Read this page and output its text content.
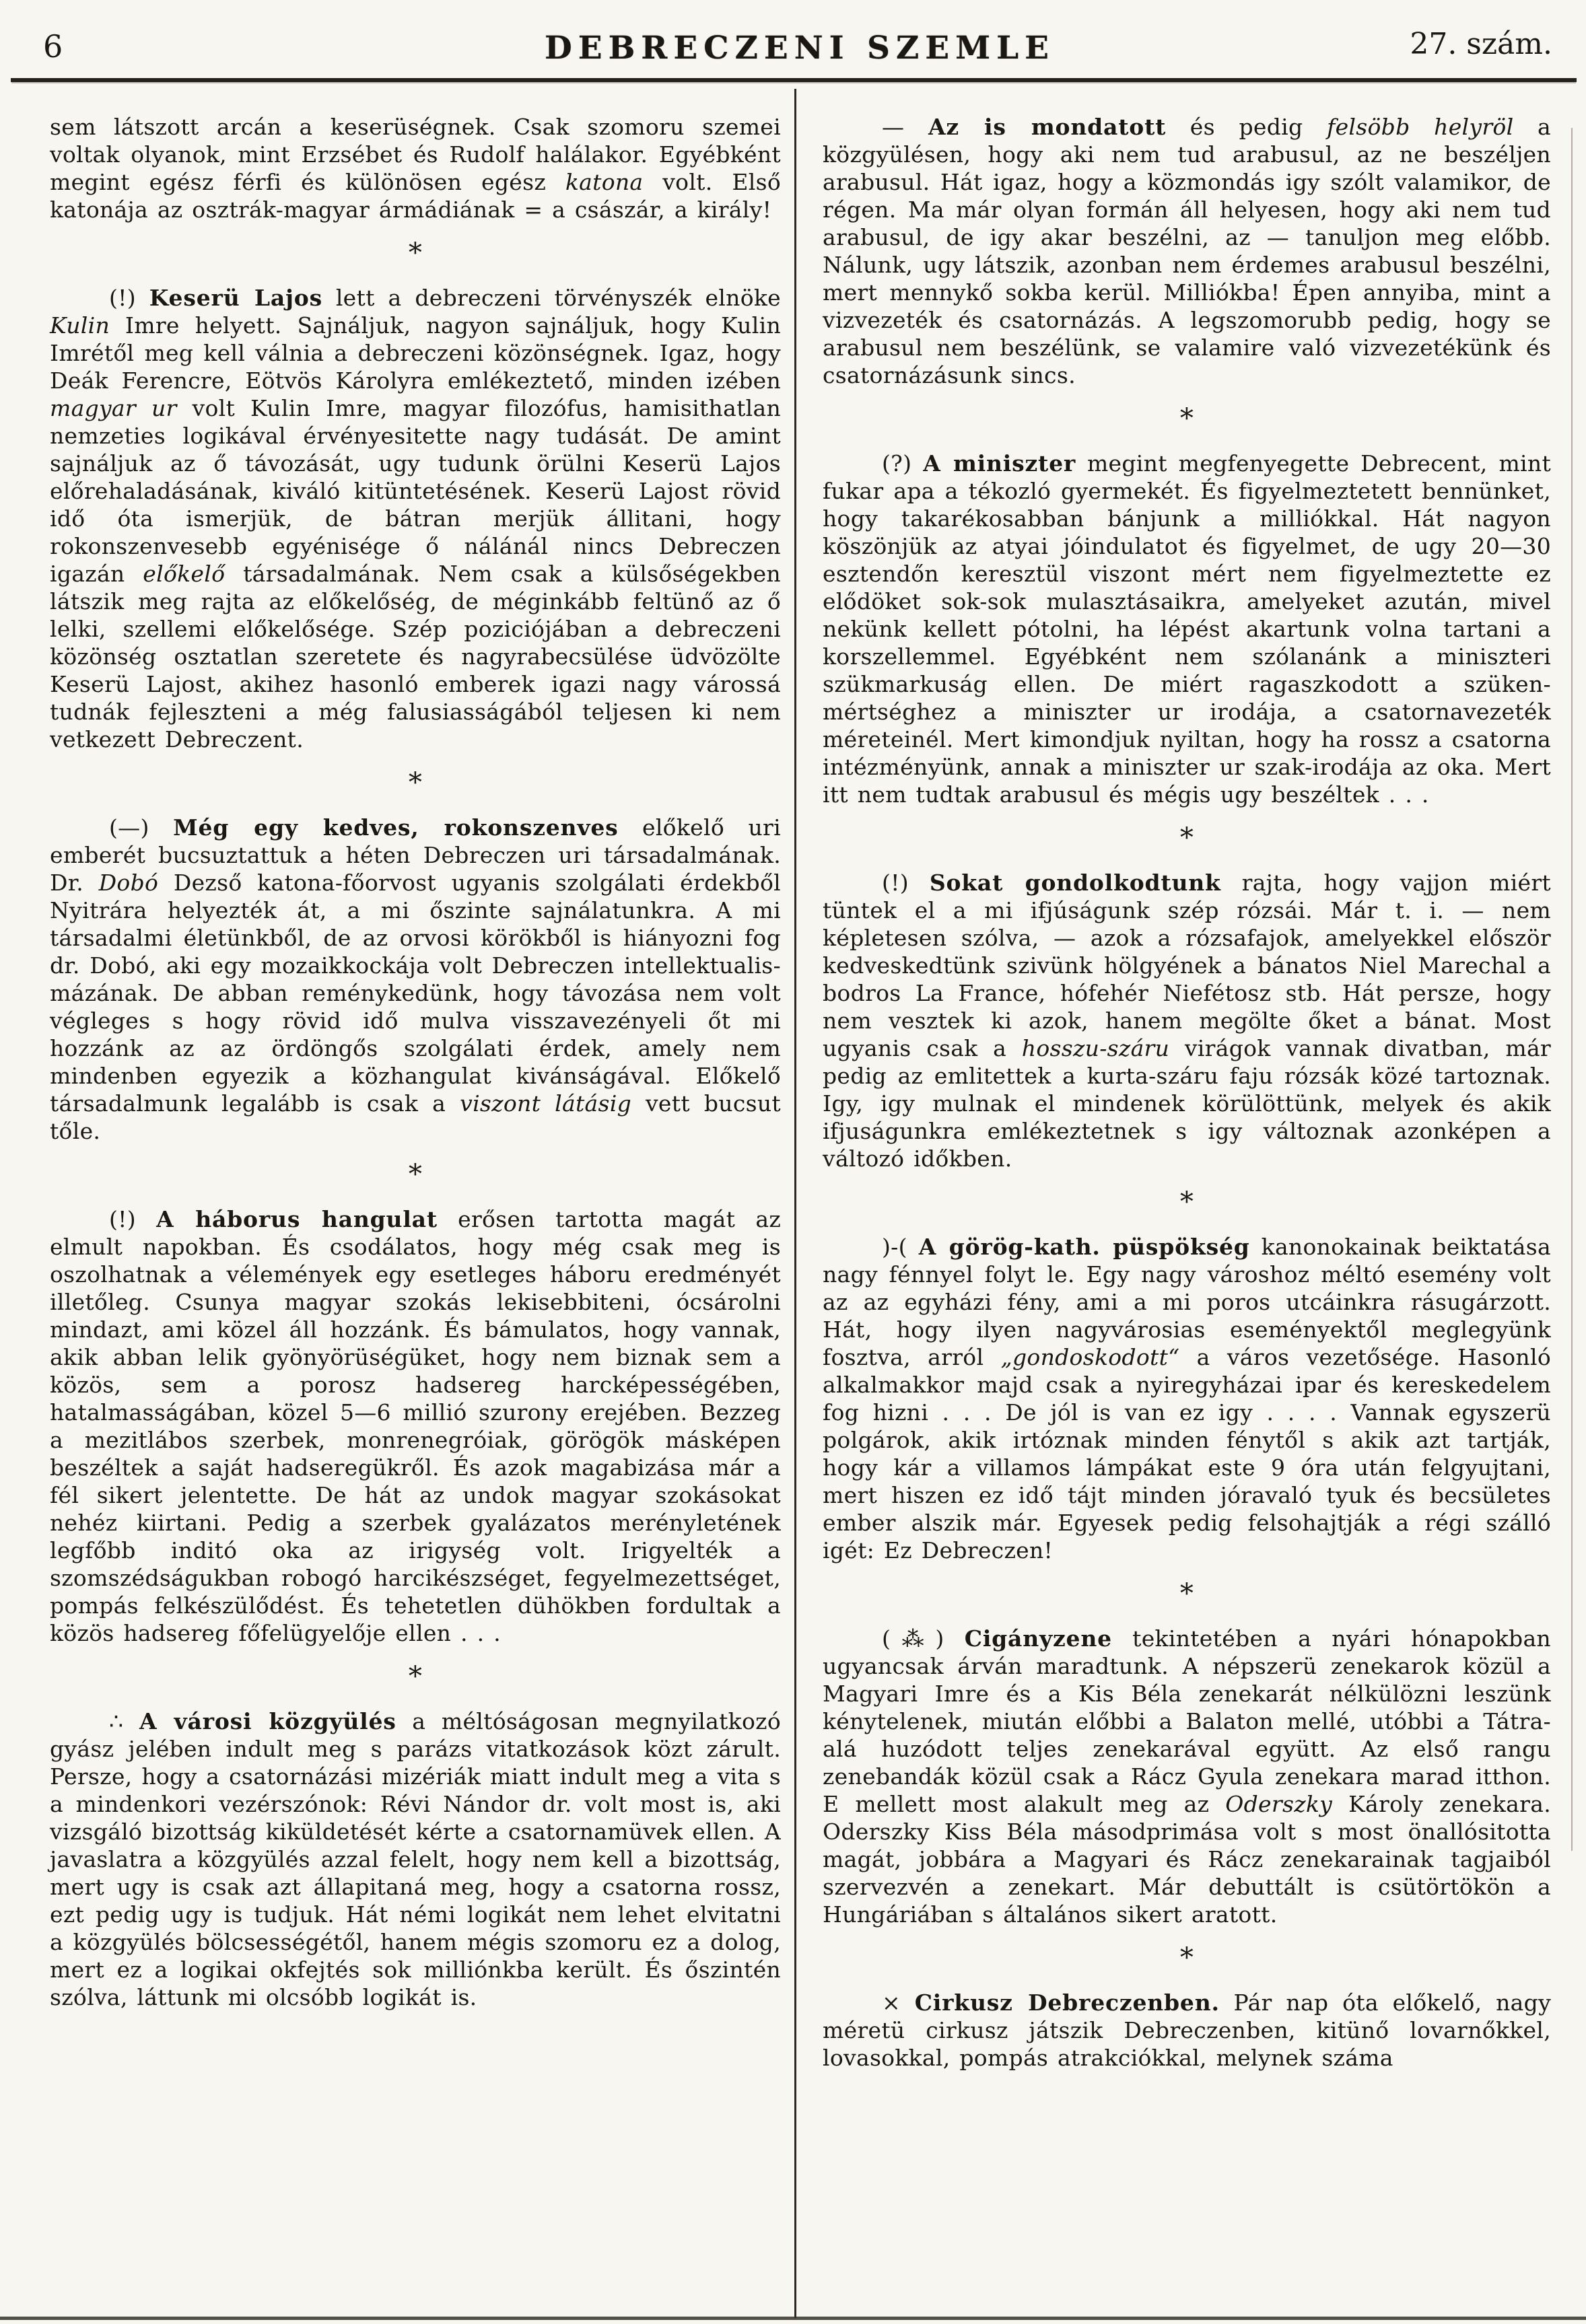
6	DEBRECZENI SZEMLE	27. szám.

sem látszott arcán a keserüségnek. Csak szomoru szemei voltak olyanok, mint Erzsébet és Rudolf halálakor. Egyébként megint egész férfi és különösen egész katona volt. Első katonája az osztrák-magyar ármádiának = a császár, a király!

*

(!) Keserü Lajos lett a debreczeni törvényszék elnöke Kulin Imre helyett. Sajnáljuk, nagyon sajnáljuk, hogy Kulin Imrétől meg kell válnia a debreczeni közönségnek. Igaz, hogy Deák Ferencre, Eötvös Károlyra emlékeztető, minden izében magyar ur volt Kulin Imre, magyar filozófus, hamisithatlan nemzeties logikával érvényesitette nagy tudását. De amint sajnáljuk az ő távozását, ugy tudunk örülni Keserü Lajos előrehaladásának, kiváló kitüntetésének. Keserü Lajost rövid idő óta ismerjük, de bátran merjük állitani, hogy rokonszenvesebb egyénisége ő nálánál nincs Debreczen igazán előkelő társadalmának. Nem csak a külsőségekben látszik meg rajta az előkelőség, de méginkább feltünő az ő lelki, szellemi előkelősége. Szép poziciójában a debreczeni közönség osztatlan szeretete és nagyrabecsülése üdvözölte Keserü Lajost, akihez hasonló emberek igazi nagy várossá tudnák fejleszteni a még falusiasságából teljesen ki nem vetkezett Debreczent.

*

(—) Még egy kedves, rokonszenves előkelő uri emberét bucsuztattuk a héten Debreczen uri társadalmának. Dr. Dobó Dezső katona-főorvost ugyanis szolgálati érdekből Nyitrára helyezték át, a mi őszinte sajnálatunkra. A mi társadalmi életünkből, de az orvosi körökből is hiányozni fog dr. Dobó, aki egy mozaikkockája volt Debreczen intellektualis-mázának. De abban reménykedünk, hogy távozása nem volt végleges s hogy rövid idő mulva visszavezényeli őt mi hozzánk az az ördöngős szolgálati érdek, amely nem mindenben egyezik a közhangulat kivánságával. Előkelő társadalmunk legalább is csak a viszont látásig vett bucsut tőle.

*

(!) A háborus hangulat erősen tartotta magát az elmult napokban. És csodálatos, hogy még csak meg is oszolhatnak a vélemények egy esetleges háboru eredményét illetőleg. Csunya magyar szokás lekisebbiteni, ócsárolni mindazt, ami közel áll hozzánk. És bámulatos, hogy vannak, akik abban lelik gyönyörüségüket, hogy nem biznak sem a közös, sem a porosz hadsereg harcképességében, hatalmasságában, közel 5—6 millió szurony erejében. Bezzeg a mezitlábos szerbek, monrenegróiak, görögök másképen beszéltek a saját hadseregükről. És azok magabizása már a fél sikert jelentette. De hát az undok magyar szokásokat nehéz kiirtani. Pedig a szerbek gyalázatos merényletének legfőbb inditó oka az irigység volt. Irigyelték a szomszédságukban robogó harcikészséget, fegyelmezettséget, pompás felkészülődést. És tehetetlen dühökben fordultak a közös hadsereg főfelügyelője ellen . . .

*

∴ A városi közgyülés a méltóságosan megnyilatkozó gyász jelében indult meg s parázs vitatkozások közt zárult. Persze, hogy a csatornázási mizériák miatt indult meg a vita s a mindenkori vezérszónok: Révi Nándor dr. volt most is, aki vizsgáló bizottság kiküldetését kérte a csatornamüvek ellen. A javaslatra a közgyülés azzal felelt, hogy nem kell a bizottság, mert ugy is csak azt állapitaná meg, hogy a csatorna rossz, ezt pedig ugy is tudjuk. Hát némi logikát nem lehet elvitatni a közgyülés bölcsességétől, hanem mégis szomoru ez a dolog, mert ez a logikai okfejtés sok milliónkba került. És őszintén szólva, láttunk mi olcsóbb logikát is.

— Az is mondatott és pedig felsöbb helyröl a közgyülésen, hogy aki nem tud arabusul, az ne beszéljen arabusul. Hát igaz, hogy a közmondás igy szólt valamikor, de régen. Ma már olyan formán áll helyesen, hogy aki nem tud arabusul, de igy akar beszélni, az — tanuljon meg előbb. Nálunk, ugy látszik, azonban nem érdemes arabusul beszélni, mert mennykő sokba kerül. Milliókba! Épen annyiba, mint a vizvezeték és csatornázás. A legszomorubb pedig, hogy se arabusul nem beszélünk, se valamire való vizvezetékünk és csatornázásunk sincs.

*

(?) A miniszter megint megfenyegette Debrecent, mint fukar apa a tékozló gyermekét. És figyelmeztetett bennünket, hogy takarékosabban bánjunk a milliókkal. Hát nagyon köszönjük az atyai jóindulatot és figyelmet, de ugy 20—30 esztendőn keresztül viszont mért nem figyelmeztette ez elődöket sok-sok mulasztásaikra, amelyeket azután, mivel nekünk kellett pótolni, ha lépést akartunk volna tartani a korszellemmel. Egyébként nem szólanánk a miniszteri szükmarkuság ellen. De miért ragaszkodott a szüken-mértséghez a miniszter ur irodája, a csatornavezeték méreteinél. Mert kimondjuk nyiltan, hogy ha rossz a csatorna intézményünk, annak a miniszter ur szak-irodája az oka. Mert itt nem tudtak arabusul és mégis ugy beszéltek . . .

*

(!) Sokat gondolkodtunk rajta, hogy vajjon miért tüntek el a mi ifjúságunk szép rózsái. Már t. i. — nem képletesen szólva, — azok a rózsafajok, amelyekkel először kedveskedtünk szivünk hölgyének a bánatos Niel Marechal a bodros La France, hófehér Niefétosz stb. Hát persze, hogy nem vesztek ki azok, hanem megölte őket a bánat. Most ugyanis csak a hosszu-száru virágok vannak divatban, már pedig az emlitettek a kurta-száru faju rózsák közé tartoznak. Igy, igy mulnak el mindenek körülöttünk, melyek és akik ifjuságunkra emlékeztetnek s igy változnak azonképen a változó időkben.

*

)-( A görög-kath. püspökség kanonokainak beiktatása nagy fénnyel folyt le. Egy nagy városhoz méltó esemény volt az az egyházi fény, ami a mi poros utcáinkra rásugárzott. Hát, hogy ilyen nagyvárosias eseményektől meglegyünk fosztva, arról „gondoskodott“ a város vezetősége. Hasonló alkalmakkor majd csak a nyiregyházai ipar és kereskedelem fog hizni . . . De jól is van ez igy . . . . Vannak egyszerü polgárok, akik irtóznak minden fénytől s akik azt tartják, hogy kár a villamos lámpákat este 9 óra után felgyujtani, mert hiszen ez idő tájt minden jóravaló tyuk és becsületes ember alszik már. Egyesek pedig felsohajtják a régi szálló igét: Ez Debreczen!

*

(⁂) Cigányzene tekintetében a nyári hónapokban ugyancsak árván maradtunk. A népszerü zenekarok közül a Magyari Imre és a Kis Béla zenekarát nélkülözni leszünk kénytelenek, miután előbbi a Balaton mellé, utóbbi a Tátra-alá huzódott teljes zenekarával együtt. Az első rangu zenebandák közül csak a Rácz Gyula zenekara marad itthon. E mellett most alakult meg az Oderszky Károly zenekara. Oderszky Kiss Béla másodprimása volt s most önallósitotta magát, jobbára a Magyari és Rácz zenekarainak tagjaiból szervezvén a zenekart. Már debuttált is csütörtökön a Hungáriában s általános sikert aratott.

*

× Cirkusz Debreczenben. Pár nap óta előkelő, nagy méretü cirkusz játszik Debreczenben, kitünő lovarnőkkel, lovasokkal, pompás atrakciókkal, melynek száma
